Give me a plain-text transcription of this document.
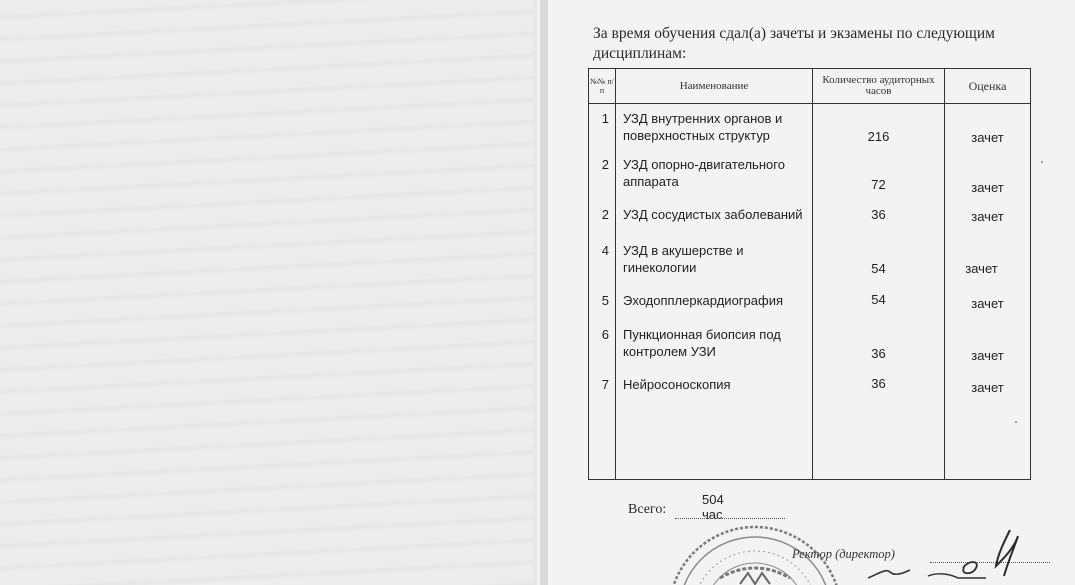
За время обучения сдал(а) зачеты и экзамены по следующим дисциплинам:
№№ п/п	Наименование	Количество аудиторных часов	Оценка

1	УЗД внутренних органов и поверхностных структур	216	зачет
2	УЗД опорно-двигательного аппарата	72	зачет
2	УЗД сосудистых заболеваний	36	зачет
4	УЗД в акушерстве и гинекологии	54	зачет
5	Эходопплеркардиография	54	зачет
6	Пункционная биопсия под контролем УЗИ	36	зачет
7	Нейросоноскопия	36	зачет

Всего:
504 час
Ректор (директор)
